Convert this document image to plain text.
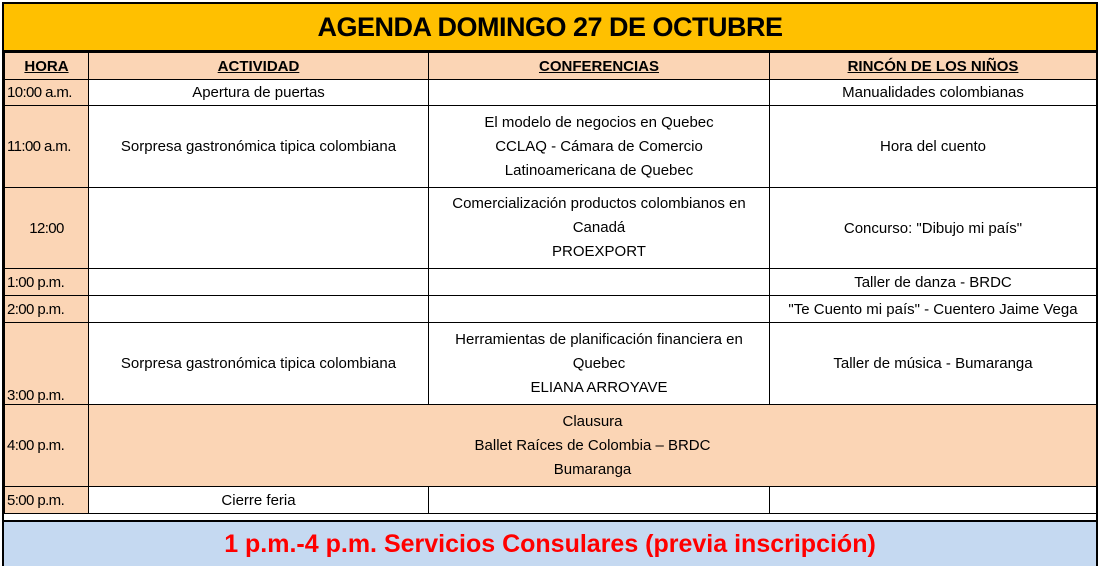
AGENDA DOMINGO 27 DE OCTUBRE
HORA	ACTIVIDAD	CONFERENCIAS	RINCÓN DE LOS NIÑOS
10:00 a.m.	Apertura de puertas		Manualidades colombianas
11:00 a.m.	Sorpresa gastronómica tipica colombiana	El modelo de negocios en Quebec
CCLAQ - Cámara de Comercio
Latinoamericana de Quebec	Hora del cuento
12:00		Comercialización productos colombianos en
Canadá
PROEXPORT	Concurso: "Dibujo mi país"
1:00 p.m.			Taller de danza - BRDC
2:00 p.m.			"Te Cuento mi país" - Cuentero Jaime Vega
3:00 p.m.	Sorpresa gastronómica tipica colombiana	Herramientas de planificación financiera en
Quebec
ELIANA ARROYAVE	Taller de música - Bumaranga
4:00 p.m.	Clausura
Ballet Raíces de Colombia – BRDC
Bumaranga		

5:00 p.m.	Cierre feria		
1 p.m.-4 p.m. Servicios Consulares (previa inscripción)
